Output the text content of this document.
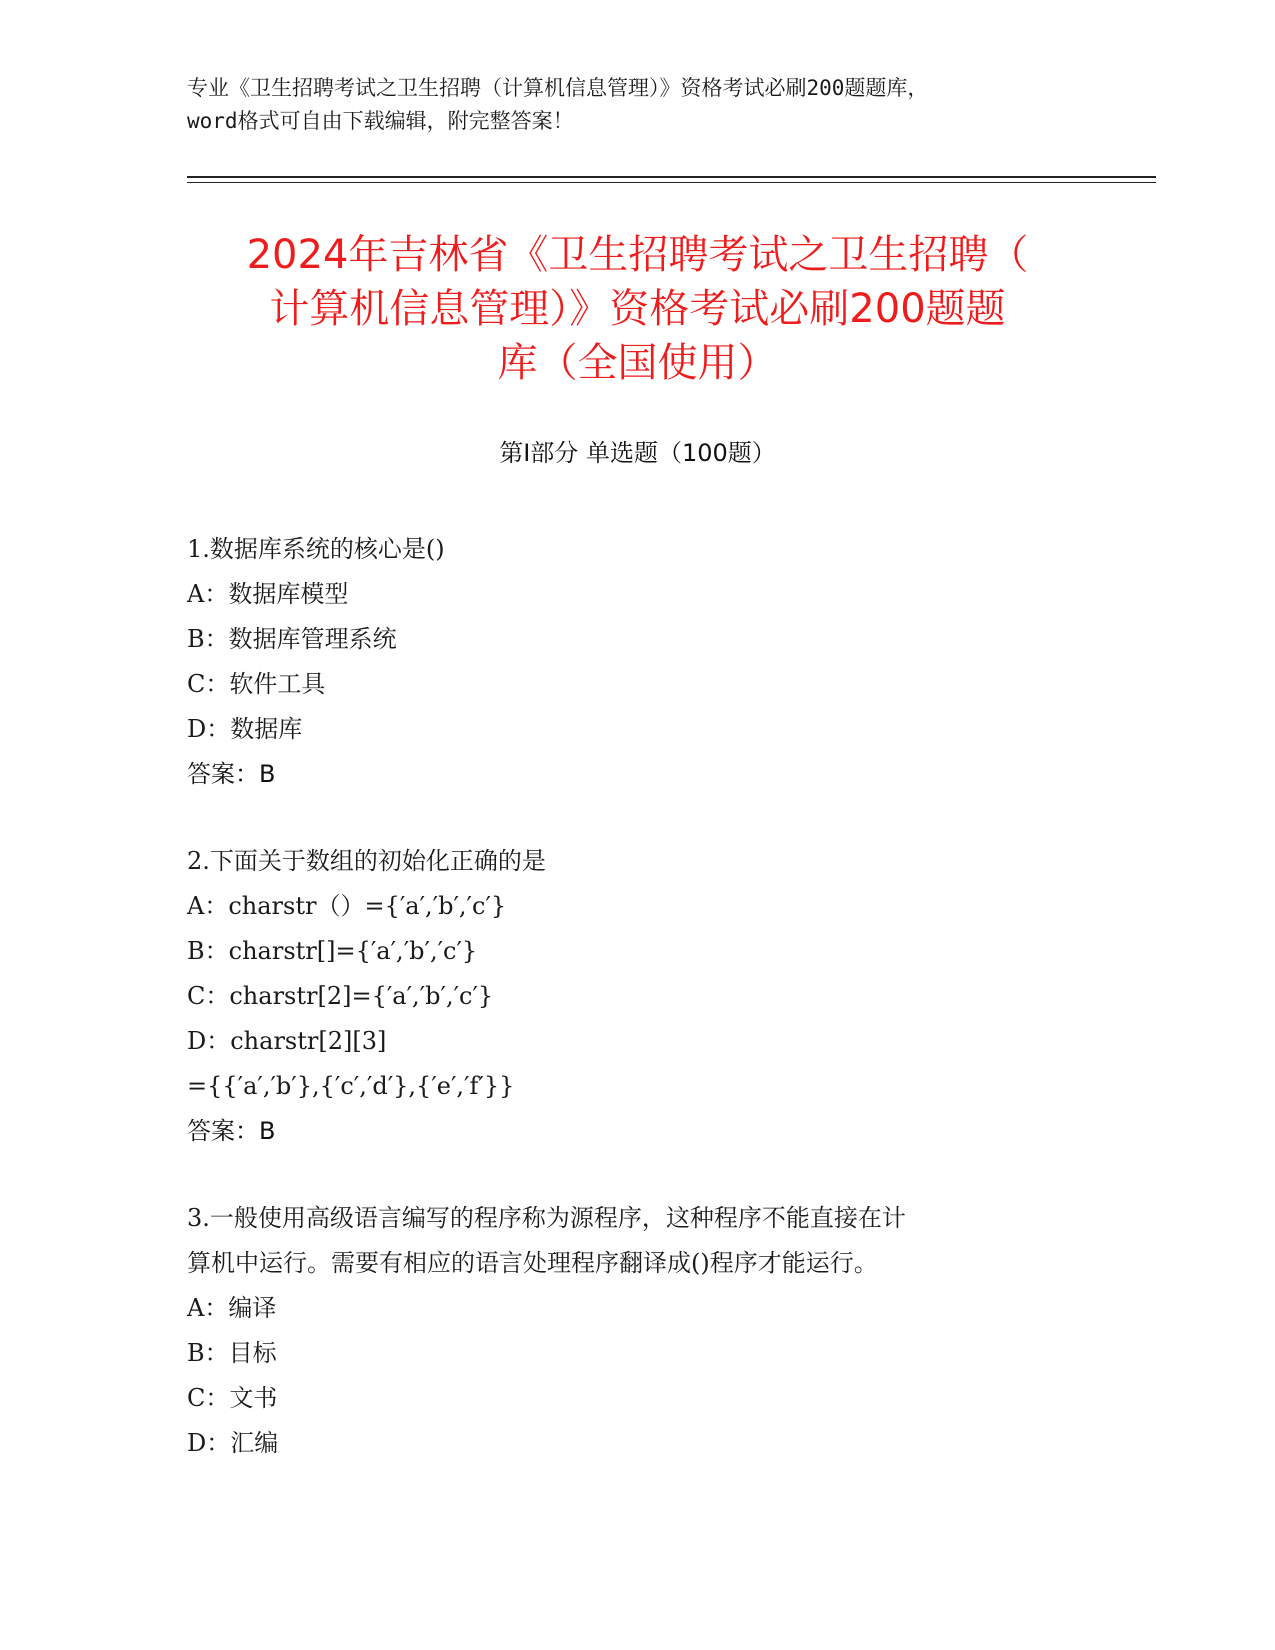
专业《卫生招聘考试之卫生招聘（计算机信息管理）》资格考试必刷200题题库，
word格式可自由下载编辑，附完整答案！
2024年吉林省《卫生招聘考试之卫生招聘（
计算机信息管理）》资格考试必刷200题题
库（全国使用）
第I部分 单选题（100题）
1.数据库系统的核心是()
A：数据库模型
B：数据库管理系统
C：软件工具
D：数据库
答案：B
2.下面关于数组的初始化正确的是
A：charstr（）={′a′,′b′,′c′}
B：charstr[]={′a′,′b′,′c′}
C：charstr[2]={′a′,′b′,′c′}
D：charstr[2][3]
={{′a′,′b′},{′c′,′d′},{′e′,′f′}}
答案：B
3.一般使用高级语言编写的程序称为源程序，这种程序不能直接在计
算机中运行。需要有相应的语言处理程序翻译成()程序才能运行。
A：编译
B：目标
C：文书
D：汇编
